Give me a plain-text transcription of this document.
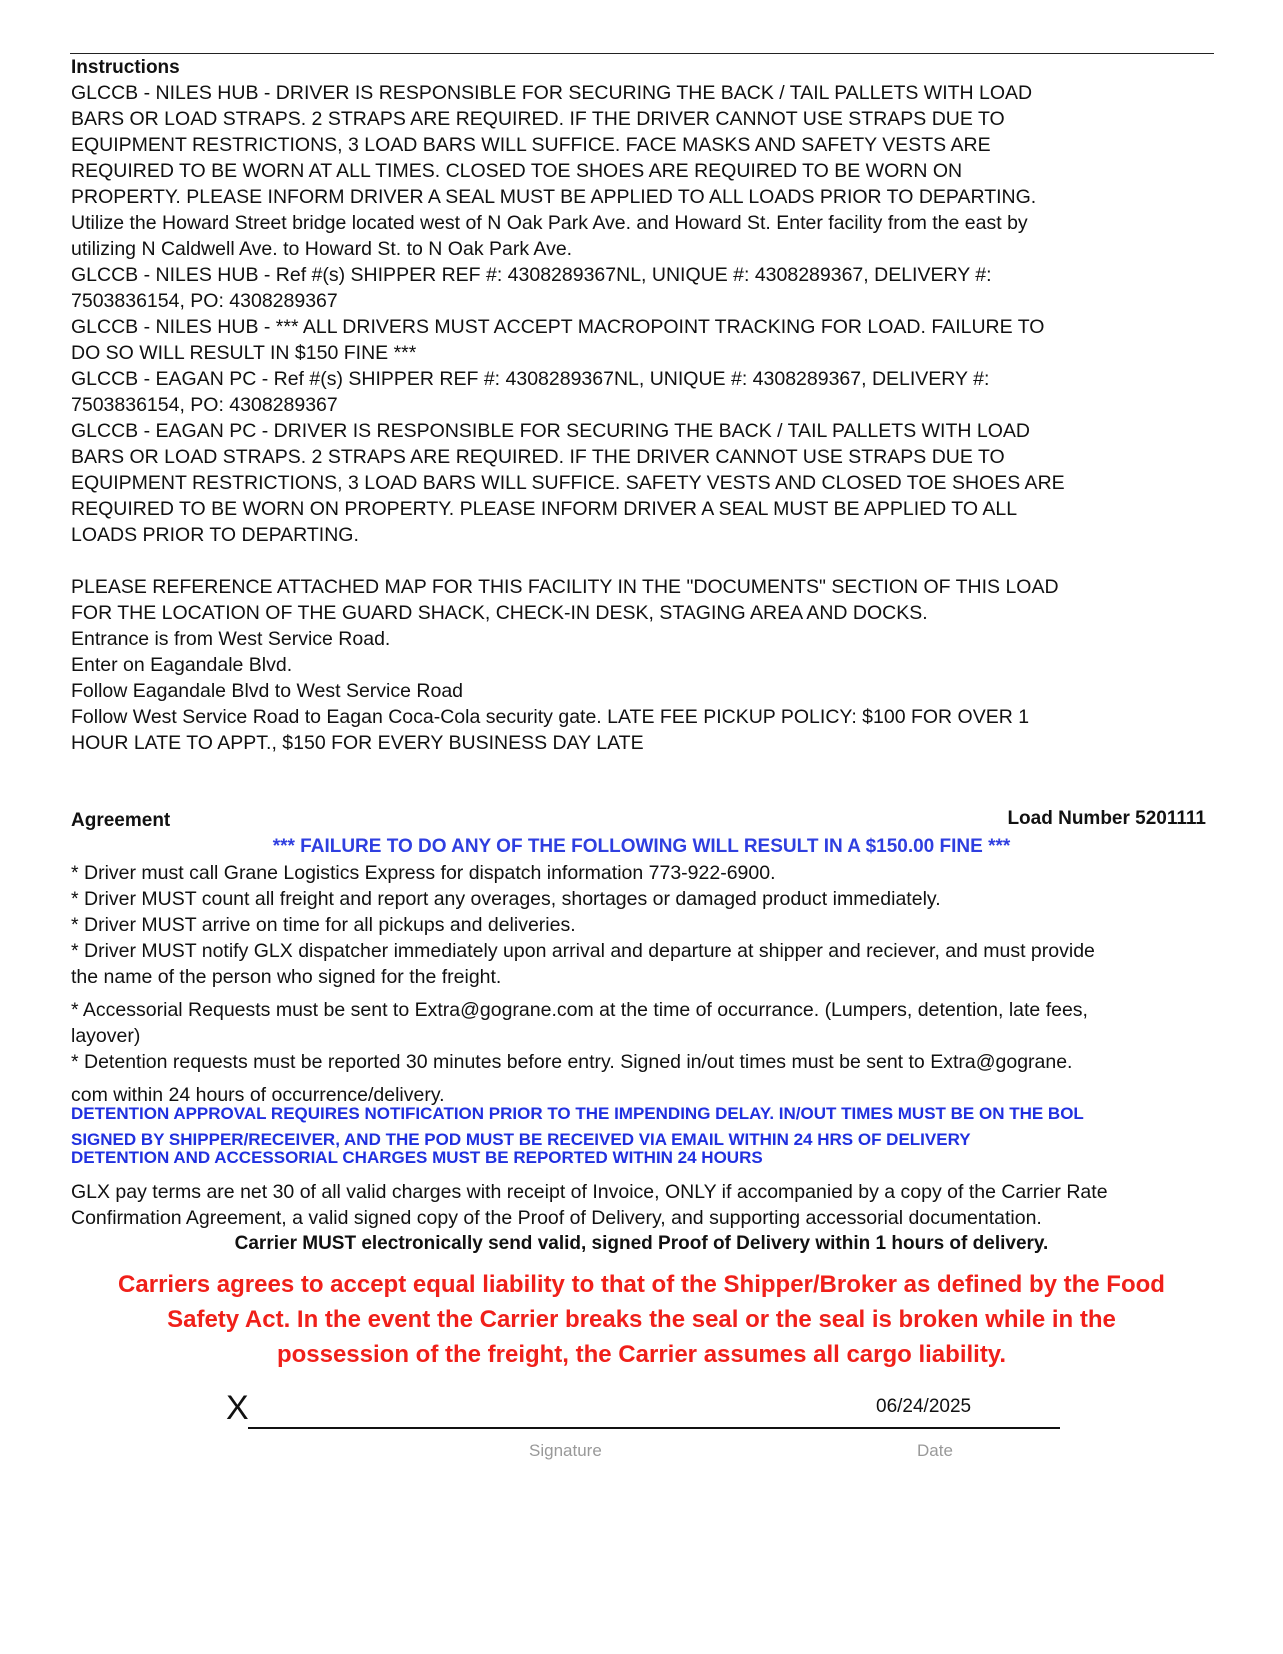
Instructions
GLCCB - NILES HUB - DRIVER IS RESPONSIBLE FOR SECURING THE BACK / TAIL PALLETS WITH LOAD
BARS OR LOAD STRAPS. 2 STRAPS ARE REQUIRED. IF THE DRIVER CANNOT USE STRAPS DUE TO
EQUIPMENT RESTRICTIONS, 3 LOAD BARS WILL SUFFICE. FACE MASKS AND SAFETY VESTS ARE
REQUIRED TO BE WORN AT ALL TIMES. CLOSED TOE SHOES ARE REQUIRED TO BE WORN ON
PROPERTY. PLEASE INFORM DRIVER A SEAL MUST BE APPLIED TO ALL LOADS PRIOR TO DEPARTING.
Utilize the Howard Street bridge located west of N Oak Park Ave. and Howard St. Enter facility from the east by
utilizing N Caldwell Ave. to Howard St. to N Oak Park Ave.
GLCCB - NILES HUB - Ref #(s) SHIPPER REF #: 4308289367NL, UNIQUE #: 4308289367, DELIVERY #:
7503836154, PO: 4308289367
GLCCB - NILES HUB - *** ALL DRIVERS MUST ACCEPT MACROPOINT TRACKING FOR LOAD. FAILURE TO
DO SO WILL RESULT IN $150 FINE ***
GLCCB - EAGAN PC - Ref #(s) SHIPPER REF #: 4308289367NL, UNIQUE #: 4308289367, DELIVERY #:
7503836154, PO: 4308289367
GLCCB - EAGAN PC - DRIVER IS RESPONSIBLE FOR SECURING THE BACK / TAIL PALLETS WITH LOAD
BARS OR LOAD STRAPS. 2 STRAPS ARE REQUIRED. IF THE DRIVER CANNOT USE STRAPS DUE TO
EQUIPMENT RESTRICTIONS, 3 LOAD BARS WILL SUFFICE. SAFETY VESTS AND CLOSED TOE SHOES ARE
REQUIRED TO BE WORN ON PROPERTY. PLEASE INFORM DRIVER A SEAL MUST BE APPLIED TO ALL
LOADS PRIOR TO DEPARTING.
PLEASE REFERENCE ATTACHED MAP FOR THIS FACILITY IN THE "DOCUMENTS" SECTION OF THIS LOAD
FOR THE LOCATION OF THE GUARD SHACK, CHECK-IN DESK, STAGING AREA AND DOCKS.
Entrance is from West Service Road.
Enter on Eagandale Blvd.
Follow Eagandale Blvd to West Service Road
Follow West Service Road to Eagan Coca-Cola security gate. LATE FEE PICKUP POLICY: $100 FOR OVER 1
HOUR LATE TO APPT., $150 FOR EVERY BUSINESS DAY LATE
Agreement	Load Number 5201111
*** FAILURE TO DO ANY OF THE FOLLOWING WILL RESULT IN A $150.00 FINE ***
* Driver must call Grane Logistics Express for dispatch information 773-922-6900.
* Driver MUST count all freight and report any overages, shortages or damaged product immediately.
* Driver MUST arrive on time for all pickups and deliveries.
* Driver MUST notify GLX dispatcher immediately upon arrival and departure at shipper and reciever, and must provide
the name of the person who signed for the freight.
* Accessorial Requests must be sent to Extra@gograne.com at the time of occurrance. (Lumpers, detention, late fees,
layover)
* Detention requests must be reported 30 minutes before entry. Signed in/out times must be sent to Extra@gograne.
com within 24 hours of occurrence/delivery.
DETENTION APPROVAL REQUIRES NOTIFICATION PRIOR TO THE IMPENDING DELAY. IN/OUT TIMES MUST BE ON THE BOL
SIGNED BY SHIPPER/RECEIVER, AND THE POD MUST BE RECEIVED VIA EMAIL WITHIN 24 HRS OF DELIVERY
DETENTION AND ACCESSORIAL CHARGES MUST BE REPORTED WITHIN 24 HOURS
GLX pay terms are net 30 of all valid charges with receipt of Invoice, ONLY if accompanied by a copy of the Carrier Rate
Confirmation Agreement, a valid signed copy of the Proof of Delivery, and supporting accessorial documentation.
Carrier MUST electronically send valid, signed Proof of Delivery within 1 hours of delivery.
Carriers agrees to accept equal liability to that of the Shipper/Broker as defined by the Food
Safety Act. In the event the Carrier breaks the seal or the seal is broken while in the
possession of the freight, the Carrier assumes all cargo liability.
X	06/24/2025
Signature	Date
